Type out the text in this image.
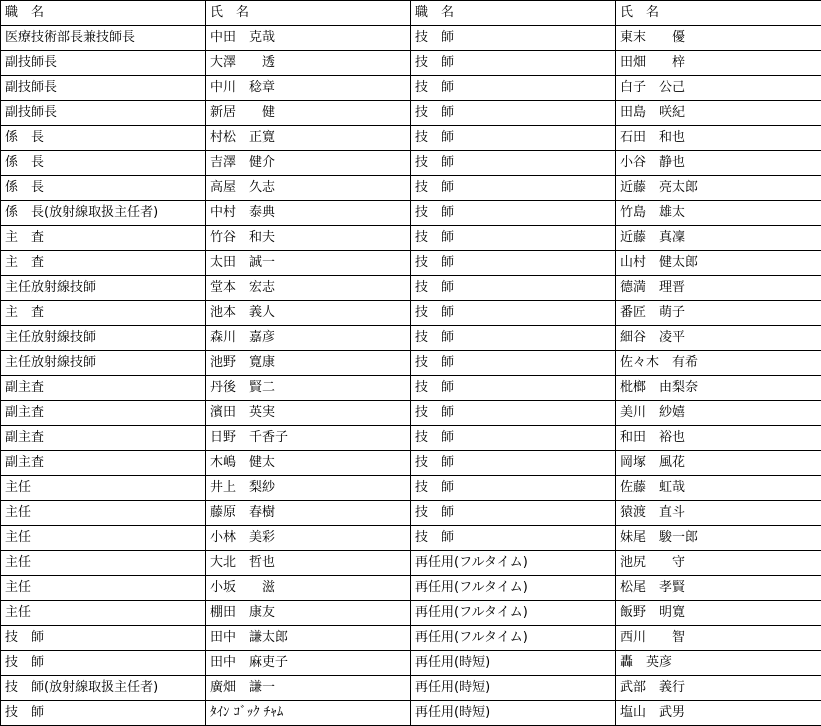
職　名	氏　名	職　名	氏　名
医療技術部長兼技師長	中田　克哉	技　師	東末　　優
副技師長	大澤　　透	技　師	田畑　　梓
副技師長	中川　稔章	技　師	白子　公己
副技師長	新居　　健	技　師	田島　咲紀
係　長	村松　正寛	技　師	石田　和也
係　長	吉澤　健介	技　師	小谷　静也
係　長	高屋　久志	技　師	近藤　亮太郎
係　長(放射線取扱主任者)	中村　泰典	技　師	竹島　雄太
主　査	竹谷　和夫	技　師	近藤　真凜
主　査	太田　誠一	技　師	山村　健太郎
主任放射線技師	堂本　宏志	技　師	德満　理晋
主　査	池本　義人	技　師	番匠　萌子
主任放射線技師	森川　嘉彦	技　師	細谷　凌平
主任放射線技師	池野　寛康	技　師	佐々木　有希
副主査	丹後　賢二	技　師	枇榔　由梨奈
副主査	濱田　英実	技　師	美川　紗嬉
副主査	日野　千香子	技　師	和田　裕也
副主査	木嶋　健太	技　師	岡塚　風花
主任	井上　梨紗	技　師	佐藤　虹哉
主任	藤原　春樹	技　師	猿渡　直斗
主任	小林　美彩	技　師	妹尾　駿一郎
主任	大北　哲也	再任用(フルタイム)	池尻　　守
主任	小坂　　滋	再任用(フルタイム)	松尾　孝賢
主任	棚田　康友	再任用(フルタイム)	飯野　明寛
技　師	田中　謙太郎	再任用(フルタイム)	西川　　智
技　師	田中　麻吏子	再任用(時短)	轟　英彦
技　師(放射線取扱主任者)	廣畑　謙一	再任用(時短)	武部　義行
技　師	ﾀｲﾝ ｺﾞｯｸ ﾁｬﾑ	再任用(時短)	塩山　武男
